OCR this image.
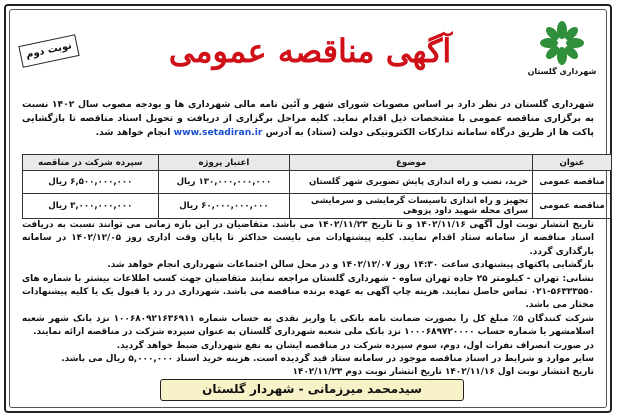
شهرداری گلستان
آگهی مناقصه عمومی
نوبت دوم
شهرداری گلستان در نظر دارد بر اساس مصوبات شورای شهر و آئین نامه مالی شهرداری ها و بودجه مصوب سال ۱۴۰۲ نسبت به برگزاری مناقصه عمومی با مشخصات ذیل اقدام نماید. کلیه مراحل برگزاری از دریافت و تحویل اسناد مناقصه تا بازگشایی پاکت ها از طریق درگاه سامانه تدارکات الکترونیکی دولت (ستاد) به آدرس www.setadiran.ir انجام خواهد شد.
عنوان	موضوع	اعتبار پروژه	سپرده شرکت در مناقصه
مناقصه عمومی	خرید، نصب و راه اندازی پایش تصویری شهر گلستان	۱۳۰,۰۰۰,۰۰۰,۰۰۰ ریال	۶,۵۰۰,۰۰۰,۰۰۰ ریال
مناقصه عمومی	تجهیز و راه اندازی تاسیسات گرمایشی و سرمایشی سرای محله شهید داود پزوهی	۶۰,۰۰۰,۰۰۰,۰۰۰ ریال	۳,۰۰۰,۰۰۰,۰۰۰ ریال

تاریخ انتشار نوبت اول آگهی ۱۴۰۲/۱۱/۱۶ و تا تاریخ ۱۴۰۲/۱۱/۲۳ می باشد. متقاضیان در این بازه زمانی می توانند نسبت به دریافت اسناد مناقصه از سامانه ستاد اقدام نمایند. کلیه پیشنهادات می بایست حداکثر تا پایان وقت اداری روز ۱۴۰۲/۱۲/۰۵ در سامانه بارگذاری گردد.

بازگشایی پاکتهای پیشنهادی ساعت ۱۴:۳۰ روز ۱۴۰۲/۱۲/۰۷ و در محل سالن اجتماعات شهرداری انجام خواهد شد.

نشانی: تهران - کیلومتر ۲۵ جاده تهران ساوه - شهرداری گلستان مراجعه نمایند متقاضیان جهت کسب اطلاعات بیشتر با شماره های ۵۶۳۳۳۵۵۰-۰۲۱ تماس حاصل نمایند. هزینه چاپ آگهی به عهده برنده مناقصه می باشد. شهرداری در رد یا قبول یک یا کلیه پیشنهادات مختار می باشد.

شرکت کنندگان ۵٪ مبلغ کل را بصورت ضمانت نامه بانکی یا واریز نقدی به حساب شماره ۱۰۰۶۸۰۹۲۱۶۳۶۹۱۱ نزد بانک شهر شعبه اسلامشهر یا شماره حساب ۱۰۰۰۶۸۹۷۲۰۰۰۰ نزد بانک ملی شعبه شهرداری گلستان به عنوان سپرده شرکت در مناقصه ارائه نمایند.

در صورت انصراف نفرات اول، دوم، سوم سپرده شرکت در مناقصه ایشان به نفع شهرداری ضبط خواهد گردید.

سایر موارد و شرایط در اسناد مناقصه موجود در سامانه ستاد قید گردیده است. هزینه خرید اسناد ۵,۰۰۰,۰۰۰ ریال می باشد.

تاریخ انتشار نوبت اول ۱۴۰۲/۱۱/۱۶ تاریخ انتشار نوبت دوم ۱۴۰۲/۱۱/۲۳

سیدمحمد میرزمانی - شهردار گلستان
